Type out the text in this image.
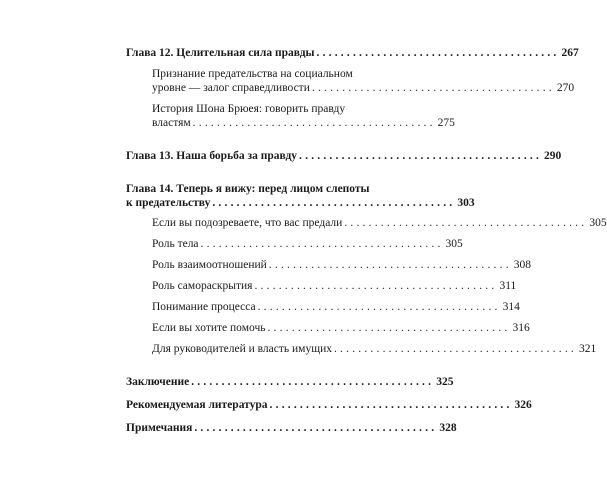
Глава 12. Целительная сила правды ........................................ 267
Признание предательства на социальном
уровне — залог справедливости ........................................ 270
История Шона Брюея: говорить правду
властям ........................................ 275
Глава 13. Наша борьба за правду ........................................ 290
Глава 14. Теперь я вижу: перед лицом слепоты
к предательству ........................................ 303
Если вы подозреваете, что вас предали ........................................ 305
Роль тела ........................................ 305
Роль взаимоотношений ........................................ 308
Роль самораскрытия ........................................ 311
Понимание процесса ........................................ 314
Если вы хотите помочь ........................................ 316
Для руководителей и власть имущих ........................................ 321
Заключение ........................................ 325
Рекомендуемая литература ........................................ 326
Примечания ........................................ 328
